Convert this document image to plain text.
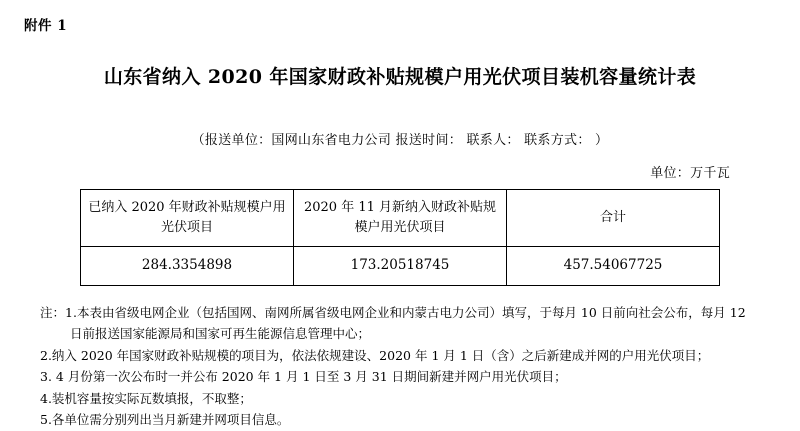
附件 1
山东省纳入 2020 年国家财政补贴规模户用光伏项目装机容量统计表
（报送单位：国网山东省电力公司 报送时间： 联系人： 联系方式： ）
单位：万千瓦
已纳入 2020 年财政补贴规模户用光伏项目	2020 年 11 月新纳入财政补贴规模户用光伏项目	合计
284.3354898	173.20518745	457.54067725
注：1.本表由省级电网企业（包括国网、南网所属省级电网企业和内蒙古电力公司）填写，于每月 10 日前向社会公布，每月 12
日前报送国家能源局和国家可再生能源信息管理中心；
2.纳入 2020 年国家财政补贴规模的项目为，依法依规建设、2020 年 1 月 1 日（含）之后新建成并网的户用光伏项目；
3. 4 月份第一次公布时一并公布 2020 年 1 月 1 日至 3 月 31 日期间新建并网户用光伏项目；
4.装机容量按实际瓦数填报，不取整；
5.各单位需分别列出当月新建并网项目信息。
